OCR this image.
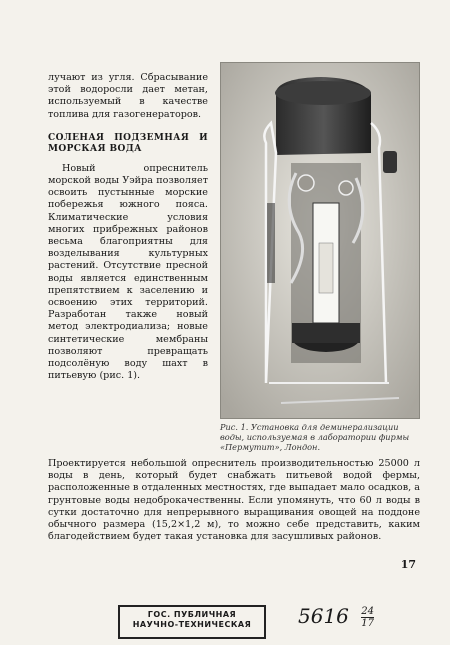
лучают из угля. Сбрасывание этой водоросли дает метан, используемый в качестве топлива для газогенераторов.

СОЛЕНАЯ ПОДЗЕМНАЯ И МОРСКАЯ ВОДА

Новый опреснитель морской воды Уэйра позволяет освоить пустынные морские побережья южного пояса. Климатические условия многих прибрежных районов весьма благоприятны для возделывания культурных растений. Отсутствие пресной воды является единственным препятствием к заселению и освоению этих территорий. Разработан также новый метод электродиализа; новые синтетические мембраны позволяют превращать подсолёную воду шахт в питьевую (рис. 1).

Рис. 1. Установка для деминерализации воды, используемая в лаборатории фирмы «Пермутит», Лондон.

Проектируется небольшой опреснитель производительностью 25000 л воды в день, который будет снабжать питьевой водой фермы, расположенные в отдаленных местностях, где выпадает мало осадков, а грунтовые воды недоброкачественны. Если упомянуть, что 60 л воды в сутки достаточно для непрерывного выращивания овощей на поддоне обычного размера (15,2×1,2 м), то можно себе представить, каким благодействием будет такая установка для засушливых районов.

17
ГОС. ПУБЛИЧНАЯ
НАУЧНО-ТЕХНИЧЕСКАЯ	$5616 \frac{24}{17}$
